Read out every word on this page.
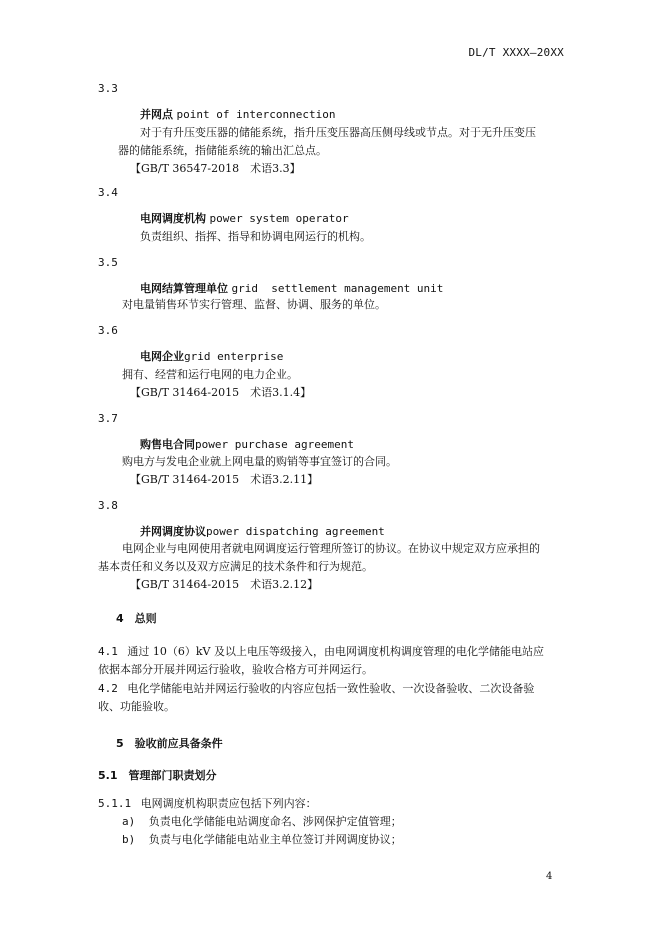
DL/T XXXX—20XX
3.3
并网点 point of interconnection
对于有升压变压器的储能系统，指升压变压器高压侧母线或节点。对于无升压变压
器的储能系统，指储能系统的输出汇总点。
【GB/T 36547-2018　术语3.3】
3.4
电网调度机构 power system operator
负责组织、指挥、指导和协调电网运行的机构。
3.5
电网结算管理单位 grid  settlement management unit
对电量销售环节实行管理、监督、协调、服务的单位。
3.6
电网企业grid enterprise
拥有、经营和运行电网的电力企业。
【GB/T 31464-2015　术语3.1.4】
3.7
购售电合同power purchase agreement
购电方与发电企业就上网电量的购销等事宜签订的合同。
【GB/T 31464-2015　术语3.2.11】
3.8
并网调度协议power dispatching agreement
电网企业与电网使用者就电网调度运行管理所签订的协议。在协议中规定双方应承担的
基本责任和义务以及双方应满足的技术条件和行为规范。
【GB/T 31464-2015　术语3.2.12】
4　总则
4.1 通过 10（6）kV 及以上电压等级接入，由电网调度机构调度管理的电化学储能电站应
依据本部分开展并网运行验收，验收合格方可并网运行。
4.2 电化学储能电站并网运行验收的内容应包括一致性验收、一次设备验收、二次设备验
收、功能验收。
5　验收前应具备条件
5.1　管理部门职责划分
5.1.1 电网调度机构职责应包括下列内容：
a) 负责电化学储能电站调度命名、涉网保护定值管理；
b) 负责与电化学储能电站业主单位签订并网调度协议；
4
